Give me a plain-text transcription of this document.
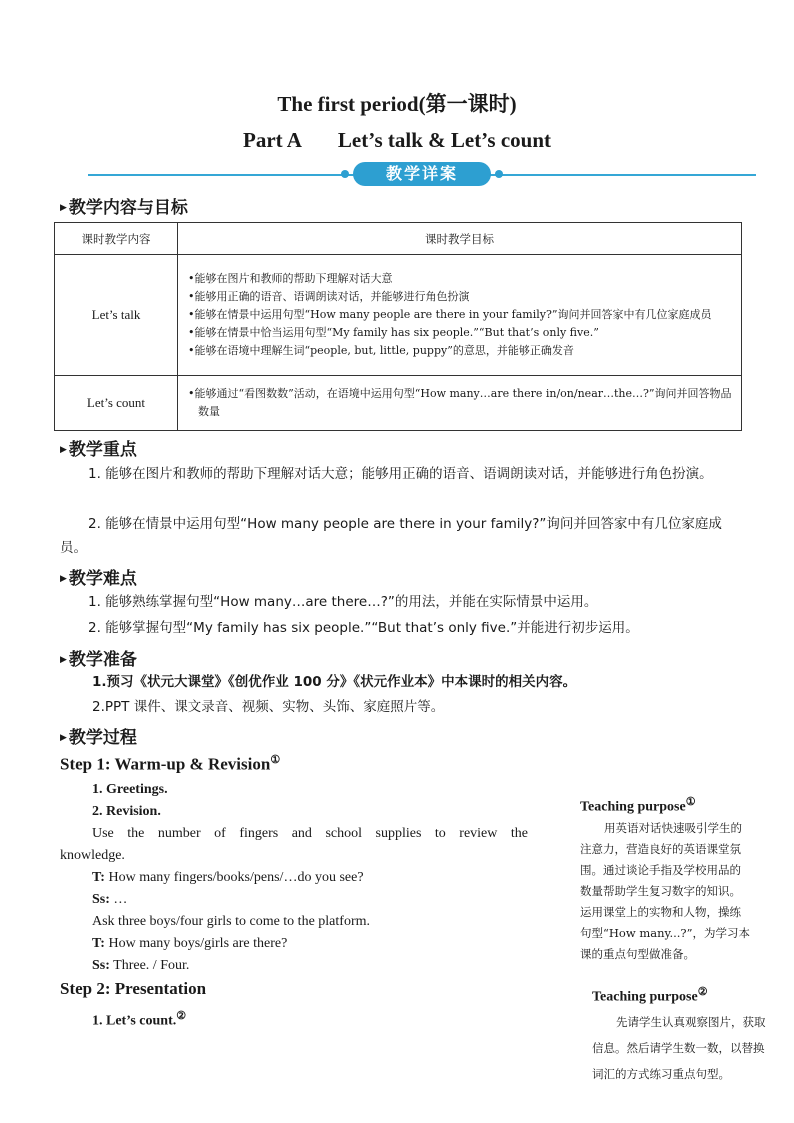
The first period(第一课时)
Part A Let’s talk & Let’s count
教学详案
▶ 教学内容与目标
课时教学内容	课时教学目标
Let’s talk	•能够在图片和教师的帮助下理解对话大意
•能够用正确的语音、语调朗读对话，并能够进行角色扮演
•能够在情景中运用句型“How many people are there in your family?”询问并回答家中有几位家庭成员
•能够在情景中恰当运用句型“My family has six people.”“But that’s only five.”
•能够在语境中理解生词“people, but, little, puppy”的意思，并能够正确发音

Let’s count	•能够通过“看图数数”活动，在语境中运用句型“How many…are there in/on/near…the…?”询问并回答物品数量
▶ 教学重点
1. 能够在图片和教师的帮助下理解对话大意；能够用正确的语音、语调朗读对话，并能够进行角色扮演。
2. 能够在情景中运用句型“How many people are there in your family?”询问并回答家中有几位家庭成员。
▶ 教学难点
1. 能够熟练掌握句型“How many…are there…?”的用法，并能在实际情景中运用。
2. 能够掌握句型“My family has six people.”“But that’s only five.”并能进行初步运用。
▶ 教学准备
1.预习《状元大课堂》《创优作业 100 分》《状元作业本》中本课时的相关内容。
2.PPT 课件、课文录音、视频、实物、头饰、家庭照片等。
▶ 教学过程
Step 1: Warm-up & Revision①
1. Greetings.
2. Revision.
Use the number of fingers and school supplies to review the knowledge.
T: How many fingers/books/pens/…do you see?
Ss: …
Ask three boys/four girls to come to the platform.
T: How many boys/girls are there?
Ss: Three. / Four.
Step 2: Presentation
1. Let’s count.②
Teaching purpose①
用英语对话快速吸引学生的注意力，营造良好的英语课堂氛围。通过谈论手指及学校用品的数量帮助学生复习数字的知识。运用课堂上的实物和人物，操练句型“How many...?”，为学习本课的重点句型做准备。
Teaching purpose②
先请学生认真观察图片，获取信息。然后请学生数一数，以替换词汇的方式练习重点句型。
